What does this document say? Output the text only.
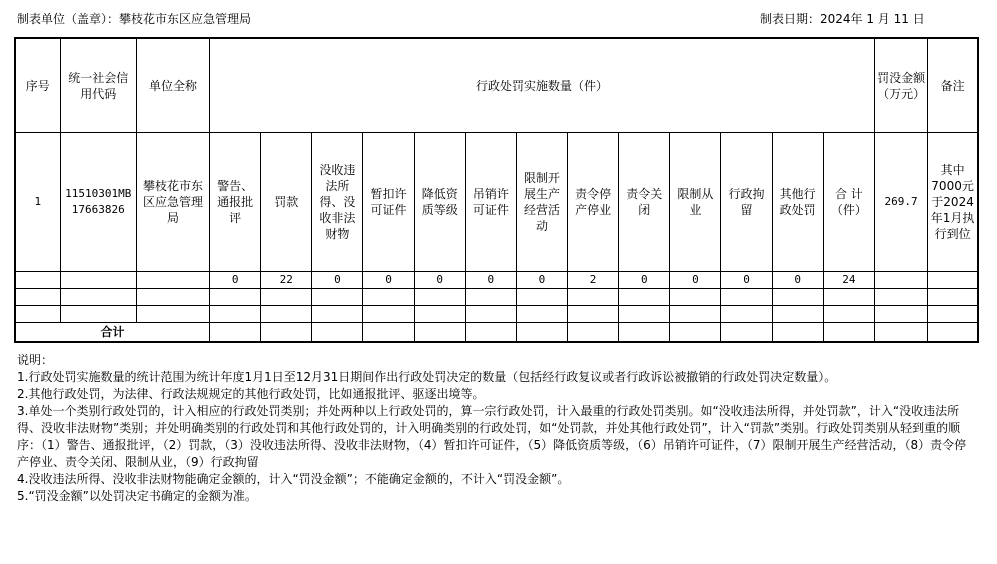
制表单位（盖章）：攀枝花市东区应急管理局	制表日期：2024年 1 月 11 日
序号	统一社会信用代码	单位全称	行政处罚实施数量（件）													罚没金额（万元）	备注
1	11510301MB17663826	攀枝花市东区应急管理局	警告、通报批评	罚款	没收违法所得、没收非法财物	暂扣许可证件	降低资质等级	吊销许可证件	限制开展生产经营活动	责令停产停业	责令关闭	限制从业	行政拘留	其他行政处罚	合 计（件）	269.7	其中7000元于2024年1月执行到位
			0	22	0	0	0	0	0	2	0	0	0	0	24		

合计																	
说明：
1.行政处罚实施数量的统计范围为统计年度1月1日至12月31日期间作出行政处罚决定的数量（包括经行政复议或者行政诉讼被撤销的行政处罚决定数量）。
2.其他行政处罚，为法律、行政法规规定的其他行政处罚，比如通报批评、驱逐出境等。
3.单处一个类别行政处罚的，计入相应的行政处罚类别；并处两种以上行政处罚的，算一宗行政处罚，计入最重的行政处罚类别。如“没收违法所得，并处罚款”，计入“没收违法所得、没收非法财物”类别；并处明确类别的行政处罚和其他行政处罚的，计入明确类别的行政处罚，如“处罚款，并处其他行政处罚”，计入“罚款”类别。行政处罚类别从轻到重的顺序：（1）警告、通报批评，（2）罚款，（3）没收违法所得、没收非法财物，（4）暂扣许可证件，（5）降低资质等级，（6）吊销许可证件，（7）限制开展生产经营活动，（8）责令停产停业、责令关闭、限制从业，（9）行政拘留
4.没收违法所得、没收非法财物能确定金额的，计入“罚没金额”；不能确定金额的，不计入“罚没金额”。
5.“罚没金额”以处罚决定书确定的金额为准。
